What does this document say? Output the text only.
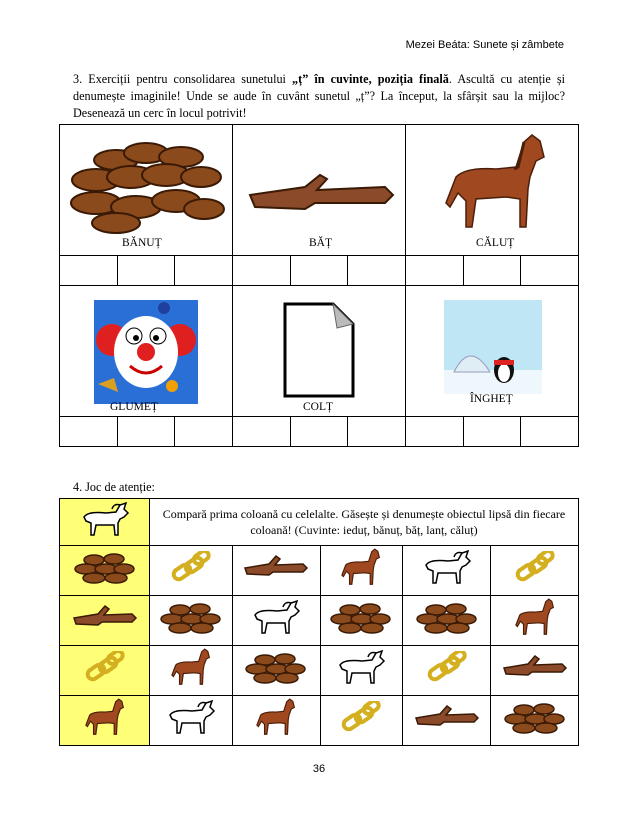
Mezei Beáta: Sunete și zâmbete
3. Exerciții pentru consolidarea sunetului „ț” în cuvinte, poziția finală. Ascultă cu atenție și denumește imaginile! Unde se aude în cuvânt sunetul „ț”? La început, la sfârșit sau la mijloc? Desenează un cerc în locul potrivit!
BĂNUȚ			BĂȚ			CĂLUȚ		

GLUMEȚ			COLȚ			ÎNGHEȚ		

4. Joc de atenție:
	Compară prima coloană cu celelalte. Găsește și denumește obiectul lipsă din fiecare coloană! (Cuvinte: ieduț, bănuț, băț, lanț, căluț)				

36
